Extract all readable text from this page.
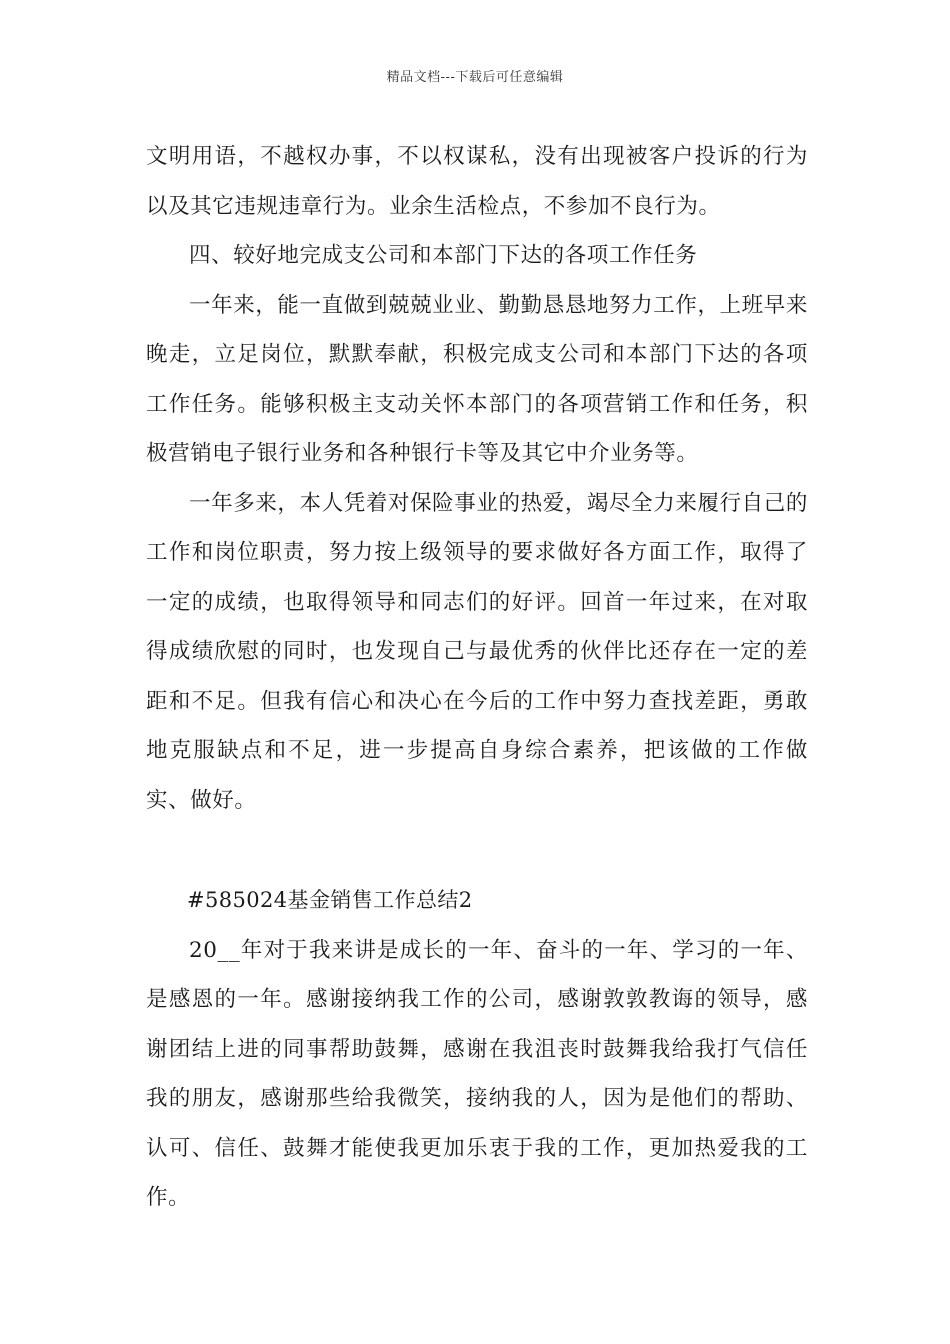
精品文档---下载后可任意编辑

文明用语，不越权办事，不以权谋私，没有出现被客户投诉的行为以及其它违规违章行为。业余生活检点，不参加不良行为。

四、较好地完成支公司和本部门下达的各项工作任务

一年来，能一直做到兢兢业业、勤勤恳恳地努力工作，上班早来晚走，立足岗位，默默奉献，积极完成支公司和本部门下达的各项工作任务。能够积极主支动关怀本部门的各项营销工作和任务，积极营销电子银行业务和各种银行卡等及其它中介业务等。

一年多来，本人凭着对保险事业的热爱，竭尽全力来履行自己的工作和岗位职责，努力按上级领导的要求做好各方面工作，取得了一定的成绩，也取得领导和同志们的好评。回首一年过来，在对取得成绩欣慰的同时，也发现自己与最优秀的伙伴比还存在一定的差距和不足。但我有信心和决心在今后的工作中努力查找差距，勇敢地克服缺点和不足，进一步提高自身综合素养，把该做的工作做实、做好。

#585024基金销售工作总结2

20__年对于我来讲是成长的一年、奋斗的一年、学习的一年、是感恩的一年。感谢接纳我工作的公司，感谢敦敦教诲的领导，感谢团结上进的同事帮助鼓舞，感谢在我沮丧时鼓舞我给我打气信任我的朋友，感谢那些给我微笑，接纳我的人，因为是他们的帮助、认可、信任、鼓舞才能使我更加乐衷于我的工作，更加热爱我的工作。
